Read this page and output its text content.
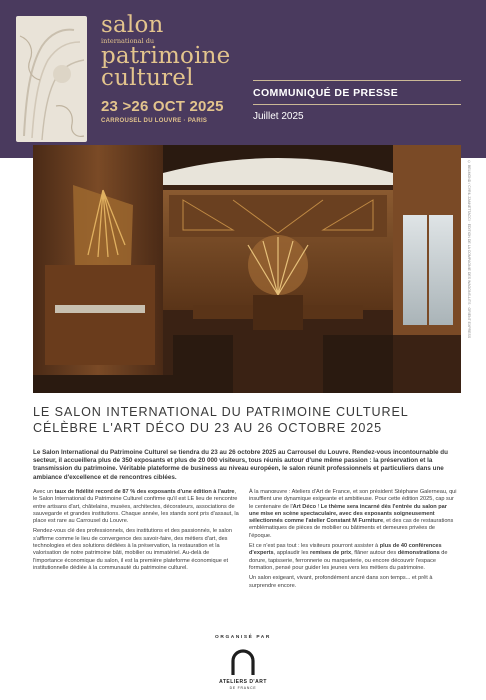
salon

international du

patrimoine

culturel

23 >26 OCT 2025

CARROUSEL DU LOUVRE · PARIS

COMMUNIQUÉ DE PRESSE

Juillet 2025

© BELMOND / CYRIL ZANNETTACCI · ÉDITION DE LA COMPAGNIE DES WAGONS-LITS · ORIENT EXPRESS

LE SALON INTERNATIONAL DU PATRIMOINE CULTUREL

CÉLÈBRE L'ART DÉCO DU 23 AU 26 OCTOBRE 2025

Le Salon International du Patrimoine Culturel se tiendra du 23 au 26 octobre 2025 au Carrousel du Louvre. Rendez-vous incontournable du secteur, il accueillera plus de 350 exposants et plus de 20 000 visiteurs, tous réunis autour d'une même passion : la préservation et la transmission du patrimoine. Véritable plateforme de business au niveau européen, le salon réunit professionnels et particuliers dans une ambiance d'excellence et de rencontres ciblées.

Avec un taux de fidélité record de 87 % des exposants d'une édition à l'autre, le Salon International du Patrimoine Culturel confirme qu'il est LE lieu de rencontre entre artisans d'art, châtelains, musées, architectes, décorateurs, associations de sauvegarde et grandes institutions. Chaque année, les stands sont pris d'assaut, la place est rare au Carrousel du Louvre.

Rendez-vous clé des professionnels, des institutions et des passionnés, le salon s'affirme comme le lieu de convergence des savoir-faire, des métiers d'art, des technologies et des solutions dédiées à la préservation, la restauration et la valorisation de notre patrimoine bâti, mobilier ou immatériel. Au-delà de l'importance économique du salon, il est la première plateforme économique et institutionnelle dédiée à la communauté du patrimoine culturel.

À la manœuvre : Ateliers d'Art de France, et son président Stéphane Galerneau, qui insufflent une dynamique exigeante et ambitieuse. Pour cette édition 2025, cap sur le centenaire de l'Art Déco ! Le thème sera incarné dès l'entrée du salon par une mise en scène spectaculaire, avec des exposants soigneusement sélectionnés comme l'atelier Constant M Furniture, et des cas de restaurations emblématiques de pièces de mobilier ou bâtiments et demeures privées de l'époque.

Et ce n'est pas tout : les visiteurs pourront assister à plus de 40 conférences d'experts, applaudir les remises de prix, flâner autour des démonstrations de dorure, tapisserie, ferronnerie ou marqueterie, ou encore découvrir l'espace formation, pensé pour guider les jeunes vers les métiers du patrimoine.

Un salon exigeant, vivant, profondément ancré dans son temps... et prêt à surprendre encore.

ORGANISÉ PAR

ATELIERS D'ART

DE FRANCE
